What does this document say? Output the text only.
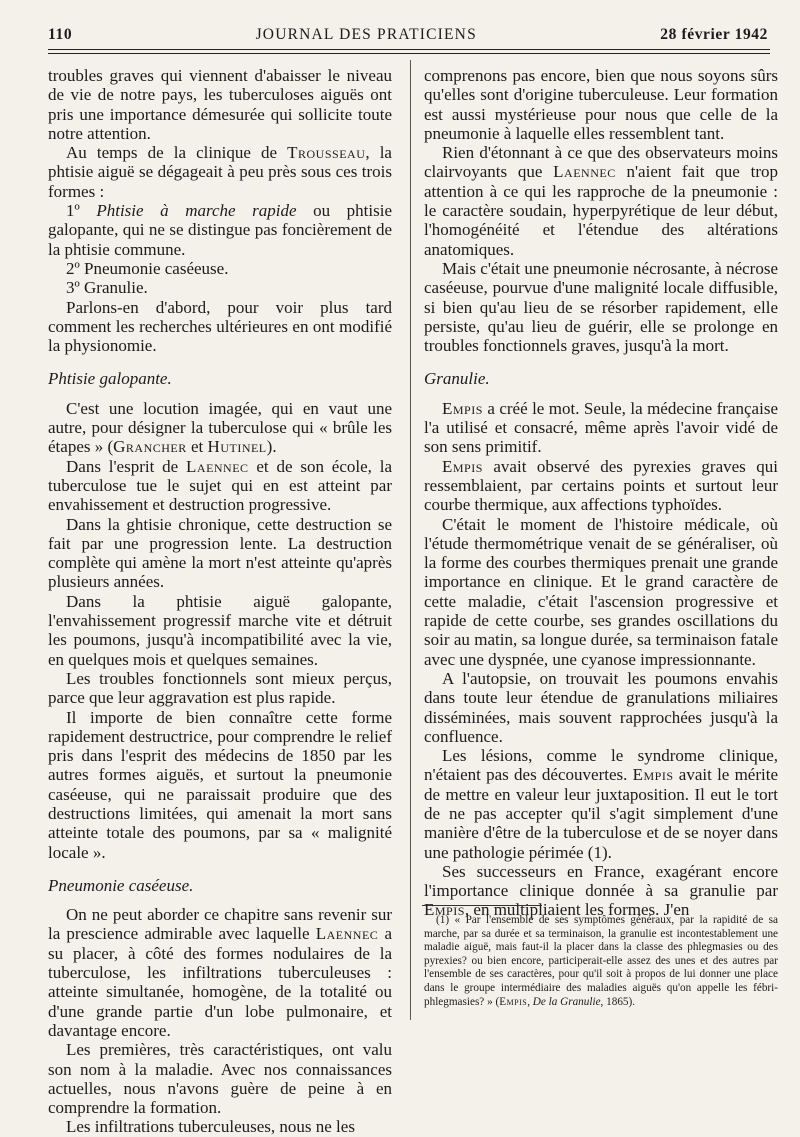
110	JOURNAL DES PRATICIENS	28 février 1942

troubles graves qui viennent d'abaisser le niveau de vie de notre pays, les tuberculoses aiguës ont pris une importance démesurée qui sollicite toute notre attention.

Au temps de la clinique de Trousseau, la phtisie aiguë se dégageait à peu près sous ces trois formes :

1º Phtisie à marche rapide ou phtisie galopante, qui ne se distingue pas foncièrement de la phtisie commune.

2º Pneumonie caséeuse.

3º Granulie.

Parlons-en d'abord, pour voir plus tard comment les recherches ultérieures en ont modifié la physionomie.

Phtisie galopante.

C'est une locution imagée, qui en vaut une autre, pour désigner la tuberculose qui « brûle les étapes » (Grancher et Hutinel).

Dans l'esprit de Laennec et de son école, la tuberculose tue le sujet qui en est atteint par envahissement et destruction progressive.

Dans la ghtisie chronique, cette destruction se fait par une progression lente. La destruction complète qui amène la mort n'est atteinte qu'après plusieurs années.

Dans la phtisie aiguë galopante, l'envahissement progressif marche vite et détruit les poumons, jusqu'à incompatibilité avec la vie, en quelques mois et quelques semaines.

Les troubles fonctionnels sont mieux perçus, parce que leur aggravation est plus rapide.

Il importe de bien connaître cette forme rapidement destructrice, pour comprendre le relief pris dans l'esprit des médecins de 1850 par les autres formes aiguës, et surtout la pneumonie caséeuse, qui ne paraissait produire que des destructions limitées, qui amenait la mort sans atteinte totale des poumons, par sa « malignité locale ».

Pneumonie caséeuse.

On ne peut aborder ce chapitre sans revenir sur la prescience admirable avec laquelle Laennec a su placer, à côté des formes nodulaires de la tuberculose, les infiltrations tuberculeuses : atteinte simultanée, homogène, de la totalité ou d'une grande partie d'un lobe pulmonaire, et davantage encore.

Les premières, très caractéristiques, ont valu son nom à la maladie. Avec nos connaissances actuelles, nous n'avons guère de peine à en comprendre la formation.

Les infiltrations tuberculeuses, nous ne les

comprenons pas encore, bien que nous soyons sûrs qu'elles sont d'origine tuberculeuse. Leur formation est aussi mystérieuse pour nous que celle de la pneumonie à laquelle elles ressemblent tant.

Rien d'étonnant à ce que des observateurs moins clairvoyants que Laennec n'aient fait que trop attention à ce qui les rapproche de la pneumonie : le caractère soudain, hyperpyrétique de leur début, l'homogénéité et l'étendue des altérations anatomiques.

Mais c'était une pneumonie nécrosante, à nécrose caséeuse, pourvue d'une malignité locale diffusible, si bien qu'au lieu de se résorber rapidement, elle persiste, qu'au lieu de guérir, elle se prolonge en troubles fonctionnels graves, jusqu'à la mort.

Granulie.

Empis a créé le mot. Seule, la médecine française l'a utilisé et consacré, même après l'avoir vidé de son sens primitif.

Empis avait observé des pyrexies graves qui ressemblaient, par certains points et surtout leur courbe thermique, aux affections typhoïdes.

C'était le moment de l'histoire médicale, où l'étude thermométrique venait de se généraliser, où la forme des courbes thermiques prenait une grande importance en clinique. Et le grand caractère de cette maladie, c'était l'ascension progressive et rapide de cette courbe, ses grandes oscillations du soir au matin, sa longue durée, sa terminaison fatale avec une dyspnée, une cyanose impressionnante.

A l'autopsie, on trouvait les poumons envahis dans toute leur étendue de granulations miliaires disséminées, mais souvent rapprochées jusqu'à la confluence.

Les lésions, comme le syndrome clinique, n'étaient pas des découvertes. Empis avait le mérite de mettre en valeur leur juxtaposition. Il eut le tort de ne pas accepter qu'il s'agit simplement d'une manière d'être de la tuberculose et de se noyer dans une pathologie périmée (1).

Ses successeurs en France, exagérant encore l'importance clinique donnée à sa granulie par Empis, en multipliaient les formes. J'en

(1) « Par l'ensemble de ses symptômes généraux, par la rapidité de sa marche, par sa durée et sa terminaison, la granulie est incontestablement une maladie aiguë, mais faut-il la placer dans la classe des phlegmasies ou des pyrexies? ou bien encore, participerait-elle assez des unes et des autres par l'ensemble de ses caractères, pour qu'il soit à propos de lui donner une place dans le groupe intermédiaire des maladies aiguës qu'on appelle les fébri-phlegmasies? » (Empis, De la Granulie, 1865).
